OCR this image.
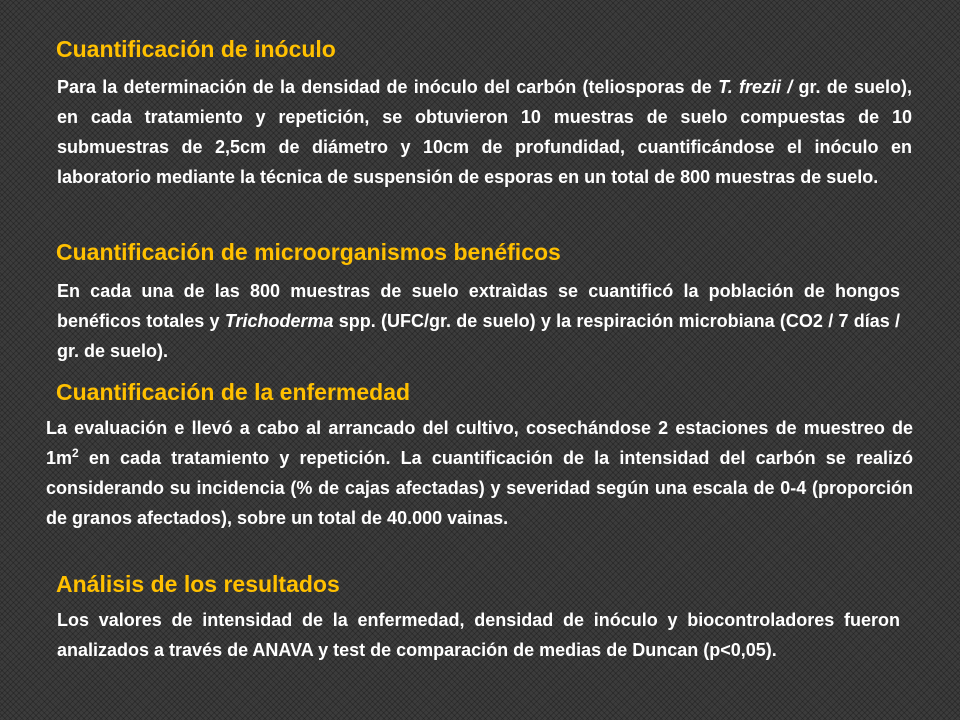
Cuantificación de inóculo

Para la determinación de la densidad de inóculo del carbón (teliosporas de T. frezii / gr. de suelo), en cada tratamiento y repetición, se obtuvieron 10 muestras de suelo compuestas de 10 submuestras de 2,5cm de diámetro y 10cm de profundidad, cuantificándose el inóculo en laboratorio mediante la técnica de suspensión de esporas en un total de 800 muestras de suelo.

Cuantificación de microorganismos benéficos

En cada una de las 800 muestras de suelo extraìdas se cuantificó la población de hongos benéficos totales y Trichoderma spp. (UFC/gr. de suelo) y la respiración microbiana (CO2 / 7 días / gr. de suelo).

Cuantificación de la enfermedad

La evaluación e llevó a cabo al arrancado del cultivo, cosechándose 2 estaciones de muestreo de $1m^2$ en cada tratamiento y repetición. La cuantificación de la intensidad del carbón se realizó considerando su incidencia (% de cajas afectadas) y severidad según una escala de 0-4 (proporción de granos afectados), sobre un total de 40.000 vainas.

Análisis de los resultados

Los valores de intensidad de la enfermedad, densidad de inóculo y biocontroladores fueron analizados a través de ANAVA y test de comparación de medias de Duncan (p<0,05).
